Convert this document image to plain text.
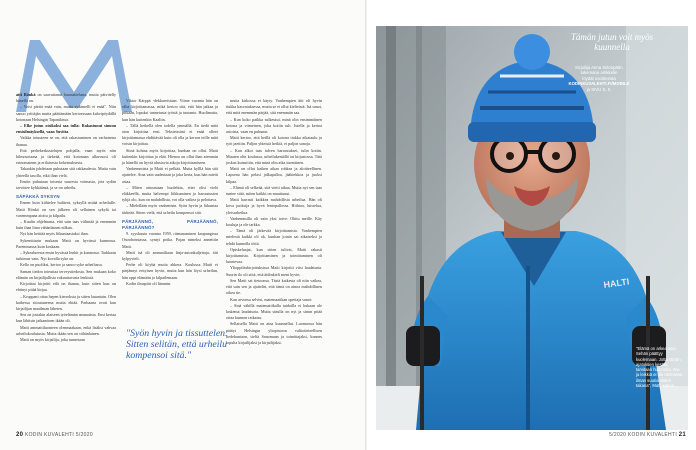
atti Rönkä on saavuttanut haastattelusta, mutta päivitelly hänellä on.

– Voisi pärttä enää vain, mutta sydämelli ei enää". Niin sanoo yrittäjän mutta päättämään kertoessaan kahvipöydällä kotonaan Helsingin Tapanilassa.

– Elke jutun otsikoksi saa tulla: Rakastunut sinuun ensisilmäyksellä, vaan Suvitta.

Vaikka totuuteen se on, että rakastuminen on varhaisena ihanaa.

Että perhekeskustelujen pohjalla, vaan myös niin kilmosotaasa ja tärkeää, että kotonaan alkuvuosi oli erinomainen ja erilaisesta kokemuksesta.

Takaakin johdetaan puhutaan sitä rakkaudesta. Mutta vain yhteellä tasolla, eikä ihan vielä.

Ensiin puhutaan toisesta suuresta voimasta, jota sydän tarvitsee kykkäänsä, ja se on urheilu.

SÄPÄKKÄ SYKSYN

Ennen kuin kiihtelee huliterä, syksyllä mitää urheilulle. Matti Rönkä on sen jälkeen oli sellainen sykylä tai vasemmpana aiottu ja kilpailu.

– Kuulin ohjelmasta, että sain taas viilintää ja enemmän kuin ihan liian vähänlainen nilkan.

Nyt hän keittää myös liikuntaasiaksi ihan.

Sykemittarin mukaan Matti on hyvässä kunnossa. Paremmassa kuin koskaan.

– Sykealueesta ensin hyvässä lenkit ja kunnossa. Tarkkaan tutkimus vain. Nyt kovalla syke on.

Kello on puoliksi, kertoo ja sanoo syke urheilussa.

Saman tiedon toteuttaa terveystiedosta. Sen mukaan koko elämän on kirjailijallista vakuuttavasta lenkistä.

Kirjoittaa kirjoitti eilä on ihanaa, kuin sitten kun on ehtinyt pitää kirjaa.

– Kruppani ottaa hepen kierroksia ja sitten lauantain. Olen kaikessa sitoutuneena mutta ehtää. Parhaana ovatt kun kirjailijan maailman läheten.

Sen on jostakin alaiseen työelämän ammatista. Ensi kertaa kun lähtisin jatkaminen ikään oli.

Matti ammattiluonteen olenmaakaan, enkä lisäksi vahvaa urheilukoulutusta. Mutta ikään sen on vähänlainen.

Matti on myös kirjailija, joka tunnetaan

Viktor Kärppä -dekkareistaan. Viime vuonna hän on ollut kirjoittamassa, mikä kertoo sitä, että hän jatkaa ja pitkään, lopuksi tunnetusta työstä ja tuotanto. Huolimatta, kun hän kuitenkin Kaaliin.

– Tällä hetkellä olen todella ymmällä. En tiedä mitä aion kirjoittaa ensi. Teksteissäni ei enää olleet kirjoittamassa ehdittävää kuin oli olla ja kerron teille mitä voisin kirjoittaa.

Siinä kohtaa myös kirjoittaa, kunhan on ollut. Matti kuitenkin kirjoittaa ja elää. Hienoa on ollut ihan aiemmin ja hänellä on hyviä alustavia aikoja kirjoittamiseen.

Vanhemmista ja Matti ei pelkää. Mutta kylllä hän sitä ajattelee. Aina vain uudestaan ja joka kerta, kun hän mietii asiaa.

– Miten ainoastaan huolehtia, ettei olisi vielä eläkkeellä, mutta halvempi liikkuminen ja harrastusten tyhjä olo, kun on mahdollista, voi olla vaikea ja pelottava.

– Mielellään myös vanhenisin. Syön hyvin ja liikuntaa tärkeää. Sitten vielä, että urheilu kompensoi sitä.

PÄRJÄÄNNÖ, PÄRJÄÄNNÖ, PÄRJÄÄNNÖ?

9. syyskuuta vuonna 1959, ritmanaminen kaupungissa Ostrobotniassa, syntyi poika. Pojan nimeksi annettiin Matti.

Matti isä oli ammatiltaan linja-autonkuljettaja, äiti kylpyvieli.

Perhe oli köyhä mutta ahkera. Koulussa Matti ei pärjännyt erityisen hyvin, mutta kun hän löysi urheilun, hän oppi elämään ja kilpailemaan.

Kodin ilmapiiri oli lämmin.

mutta kirkossa ei käyty. Vanhempien äiti oli hyvin tiukka kasvatuksessa, mutta se ei ollut kielteistä. Isä sanoi, että mitä enemmän pärjää, sitä enemmän saa.

– Kun koko paikka sulkeutui, minä olin ensimmäinen kotona ja viimeinen, joka kotiin tuli. Jutella ja kertoa asioista, vaan en puhunut.

Matti kertoo, että heillä oli kotona tiukka aikataulu ja työt jaettiin. Paljon yhteisiä hetkiä, ei paljon sanoja.

– Kun alkoi taas talven harrastukset, tulin kotiin. Muuten olin koulussa, urheilukentällä tai kirjastossa. Tätä joskus kutsuttiin, että minä olin aika itsenäinen.

Matti on ollut kaiken aikaa rohkea ja aloitteellinen. Lapsena hän pelasi jalkapalloa, jääkiekkoa ja juoksi kilpaa.

– Elämä oli selkeää, sitä vietti aikaa. Mutta nyt sen taas tuntee siitä, miten kaikki on muuttunut.

Matti harrasti kaikkea mahdollista urheilua. Hän oli kova juoksija ja hyvä lentopallossa. Hiihtoa, luistelua, yleisurheilua.

Vanhemmilla oli vain yksi toive: Ohitu meille. Käy kouluja ja ole tarkka.

– Tämä oli järkevää kirjoittamista. Vanhempien mielestä kaikki oli ok, kunhan jotain sai aikaiseksi ja tehdä kunnolla töitä.

Opiskeluajat, kun sitten tulivat, Matti rakasti kirjoittamista. Kirjoittaminen ja toimittaminen oli luontevaa.

Ylioppilaskirjoituksissa Matti kirjoitti viisi laudaturia. Suurin ilo oli siitä, että äidinkieli meni hyvin.

Sen Matti sai tietoonsa. Tästä kaikesta oli niin vaikea, että sain sen ja ajattelin, että tämä on ainoa mahdollinen oikea tie.

Kun arvonsa selvisi, matemaatikan opettaja sanoi:

– Sinä vähillä matematiikalla taidoilla ei kukaan ole laskenut laudaturia. Mutta sinulla on nyt ja sinun pitää ottaa kunnon ratkaisu.

Sellaisella Matti on aina kuunnellut. Luonnossa hän päätyi Helsingin yliopistoon valtiotieteellisen tiedekuntaan, sieltä Sanomaan ja toimittajaksi, kunnes lopulta kirjailijaksi ja kirjailijaksi.

"Syön hyvin ja tissuttelen. Sitten selitän, että urheilu kompensoi sitä."
20 KODIN KUVALEHTI 5/2020
HALTI
Tämän jutun voit myös kuunnella
Kirjailija Anna Siitonpään
lukemana artikkelin
löydät osoitteesta
KODINKUVALEHTI.FI/MOBILE
ja SIVU S. 9.
"Elämä on arkea asia. Sehän päättyy kuolemaan. Jotta tämän ajatuksen kestää, tarvitaan huumoria. Itse ja leikkiä ei ole olemassa ilman suuria niiden takana", Matti sanoo.
5/2020 KODIN KUVALEHTI 21
